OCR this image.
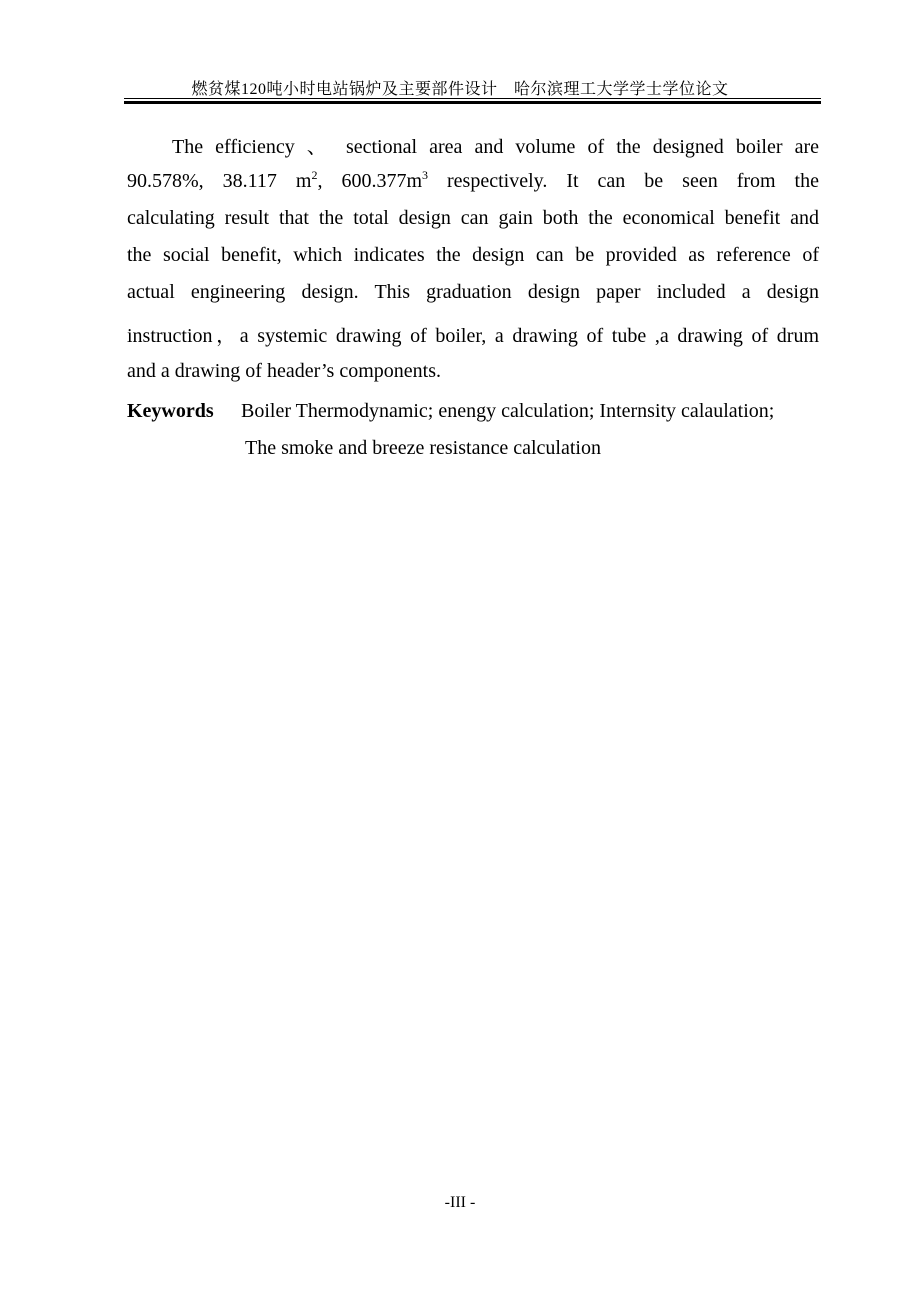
燃贫煤120吨小时电站锅炉及主要部件设计　哈尔滨理工大学学士学位论文
The efficiency 、 sectional area and volume of the designed boiler are
90.578%, 38.117 $m^2$, $600.377m^3$ respectively. It can be seen from the
calculating result that the total design can gain both the economical benefit and
the social benefit, which indicates the design can be provided as reference of
actual engineering design. This graduation design paper included a design
instruction，a systemic drawing of boiler, a drawing of tube ,a drawing of drum
and a drawing of header’s components.
Keywords Boiler Thermodynamic; enengy calculation; Internsity calaulation;
The smoke and breeze resistance calculation
-III -
